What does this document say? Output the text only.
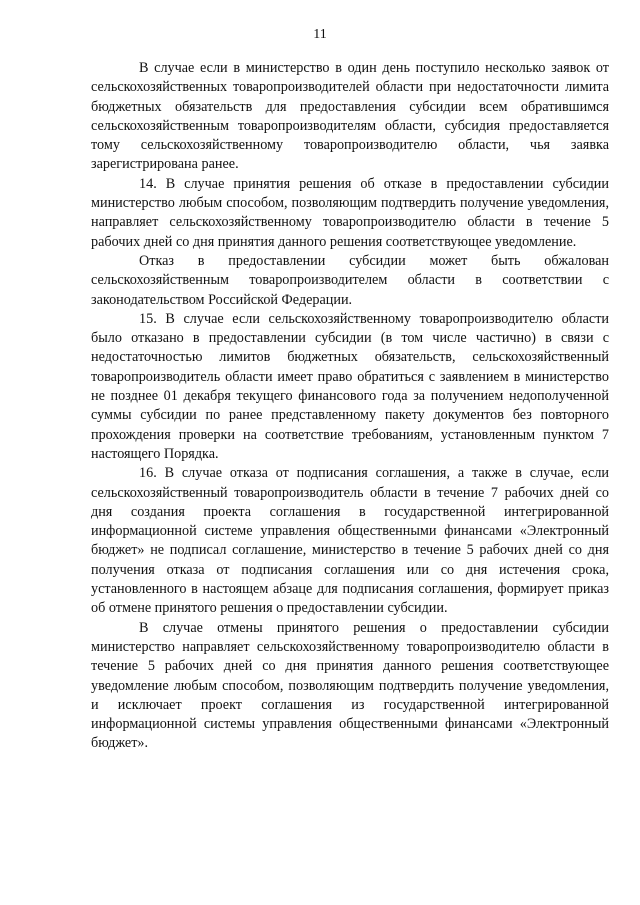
11

В случае если в министерство в один день поступило несколько заявок от сельскохозяйственных товаропроизводителей области при недостаточности лимита бюджетных обязательств для предоставления субсидии всем обратившимся сельскохозяйственным товаропроизводителям области, субсидия предоставляется тому сельскохозяйственному товаропроизводителю области, чья заявка зарегистрирована ранее.

14. В случае принятия решения об отказе в предоставлении субсидии министерство любым способом, позволяющим подтвердить получение уведомления, направляет сельскохозяйственному товаропроизводителю области в течение 5 рабочих дней со дня принятия данного решения соответствующее уведомление.

Отказ в предоставлении субсидии может быть обжалован сельскохозяйственным товаропроизводителем области в соответствии с законодательством Российской Федерации.

15. В случае если сельскохозяйственному товаропроизводителю области было отказано в предоставлении субсидии (в том числе частично) в связи с недостаточностью лимитов бюджетных обязательств, сельскохозяйственный товаропроизводитель области имеет право обратиться с заявлением в министерство не позднее 01 декабря текущего финансового года за получением недополученной суммы субсидии по ранее представленному пакету документов без повторного прохождения проверки на соответствие требованиям, установленным пунктом 7 настоящего Порядка.

16. В случае отказа от подписания соглашения, а также в случае, если сельскохозяйственный товаропроизводитель области в течение 7 рабочих дней со дня создания проекта соглашения в государственной интегрированной информационной системе управления общественными финансами «Электронный бюджет» не подписал соглашение, министерство в течение 5 рабочих дней со дня получения отказа от подписания соглашения или со дня истечения срока, установленного в настоящем абзаце для подписания соглашения, формирует приказ об отмене принятого решения о предоставлении субсидии.

В случае отмены принятого решения о предоставлении субсидии министерство направляет сельскохозяйственному товаропроизводителю области в течение 5 рабочих дней со дня принятия данного решения соответствующее уведомление любым способом, позволяющим подтвердить получение уведомления, и исключает проект соглашения из государственной интегрированной информационной системы управления общественными финансами «Электронный бюджет».
